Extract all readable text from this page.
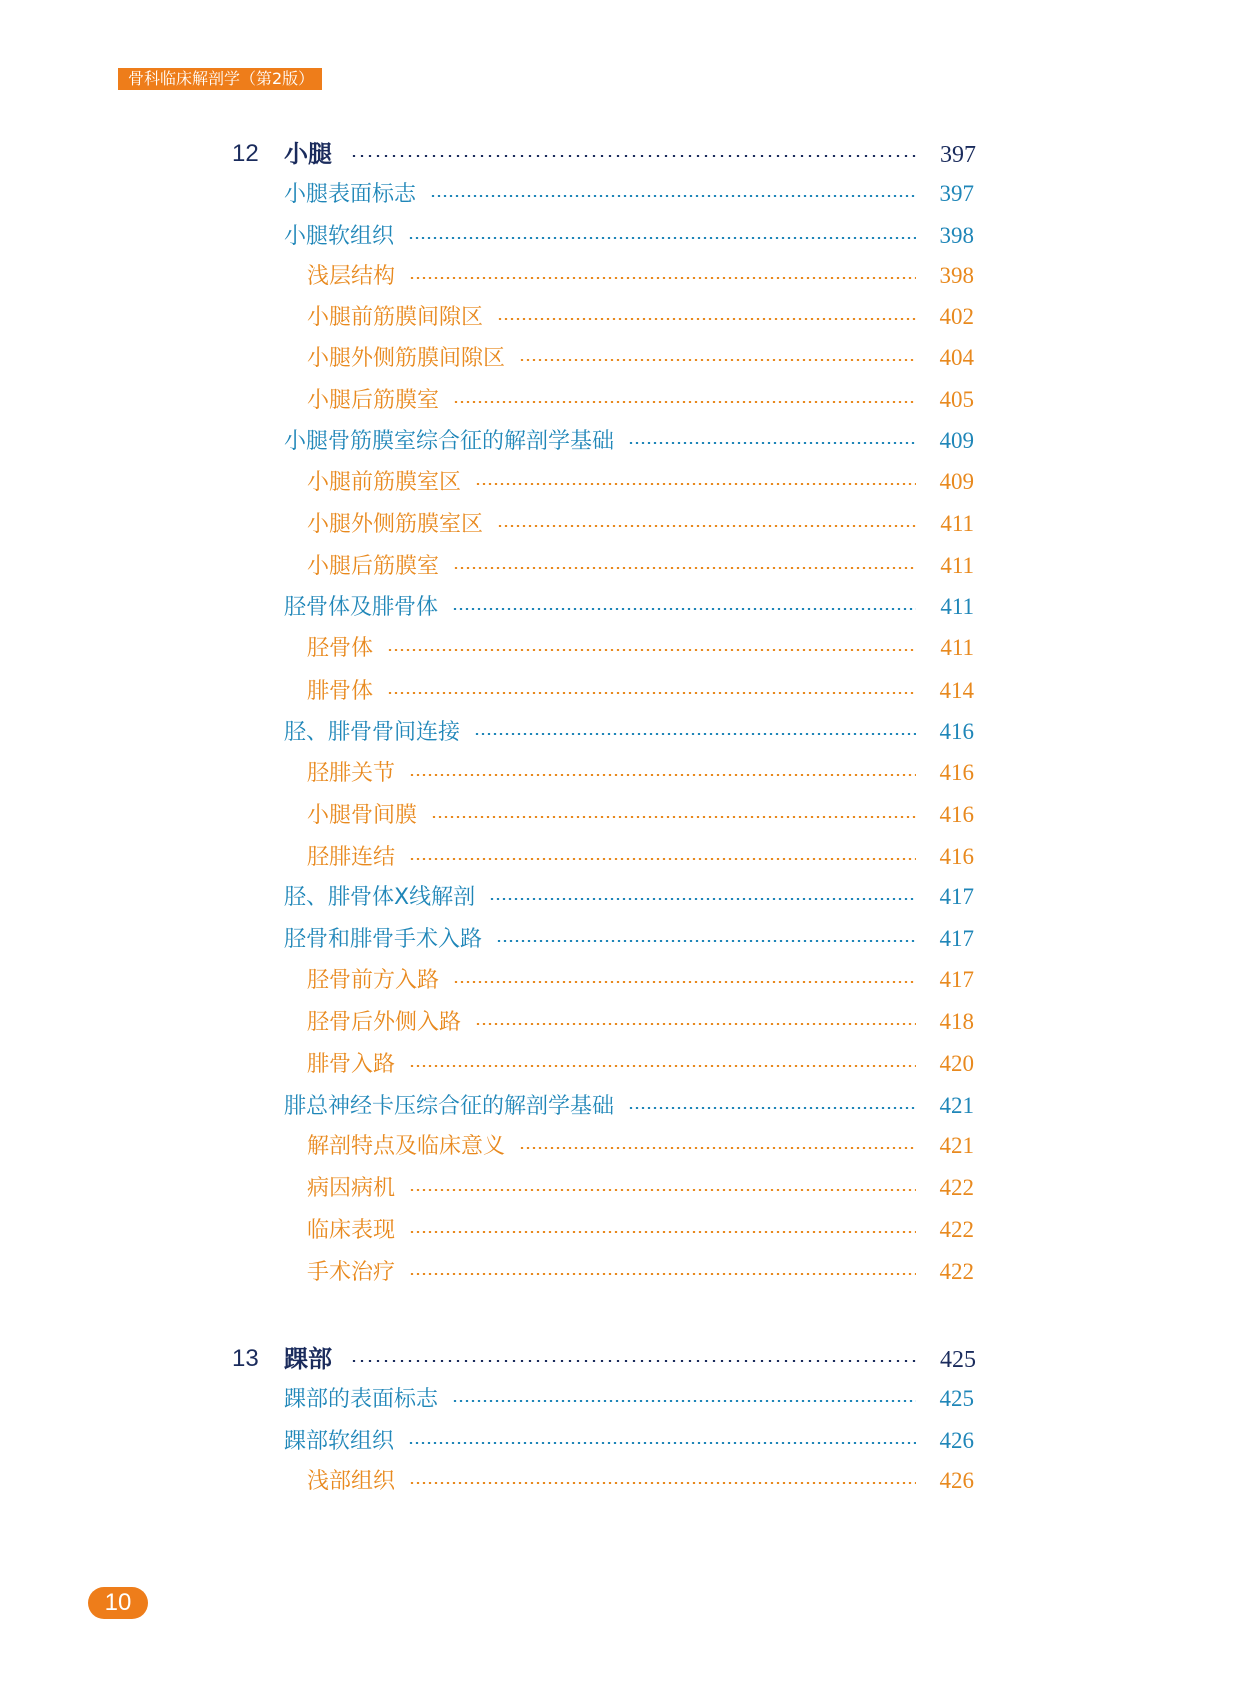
骨科临床解剖学（第2版）
12 小腿	397
小腿表面标志	397
小腿软组织	398
浅层结构	398
小腿前筋膜间隙区	402
小腿外侧筋膜间隙区	404
小腿后筋膜室	405
小腿骨筋膜室综合征的解剖学基础	409
小腿前筋膜室区	409
小腿外侧筋膜室区	411
小腿后筋膜室	411
胫骨体及腓骨体	411
胫骨体	411
腓骨体	414
胫、腓骨骨间连接	416
胫腓关节	416
小腿骨间膜	416
胫腓连结	416
胫、腓骨体X线解剖	417
胫骨和腓骨手术入路	417
胫骨前方入路	417
胫骨后外侧入路	418
腓骨入路	420
腓总神经卡压综合征的解剖学基础	421
解剖特点及临床意义	421
病因病机	422
临床表现	422
手术治疗	422
13 踝部	425
踝部的表面标志	425
踝部软组织	426
浅部组织	426
10
